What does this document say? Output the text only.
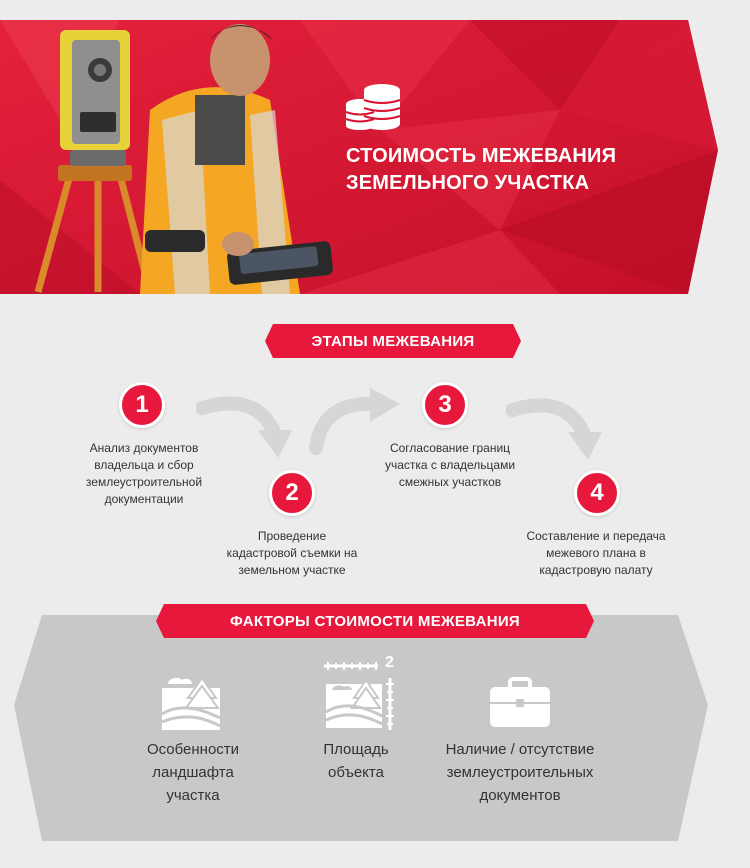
СТОИМОСТЬ МЕЖЕВАНИЯ
ЗЕМЕЛЬНОГО УЧАСТКА
ЭТАПЫ МЕЖЕВАНИЯ
1
Анализ документов владельца и сбор землеустроительной документации	2
Проведение кадастровой съемки на земельном участке
3
Согласование границ участка с владельцами смежных участков	4
Составление и передача межевого плана в кадастровую палату
ФАКТОРЫ СТОИМОСТИ МЕЖЕВАНИЯ
2
Особенности ландшафта участка
Площадь объекта
Наличие / отсутствие землеустроительных документов
